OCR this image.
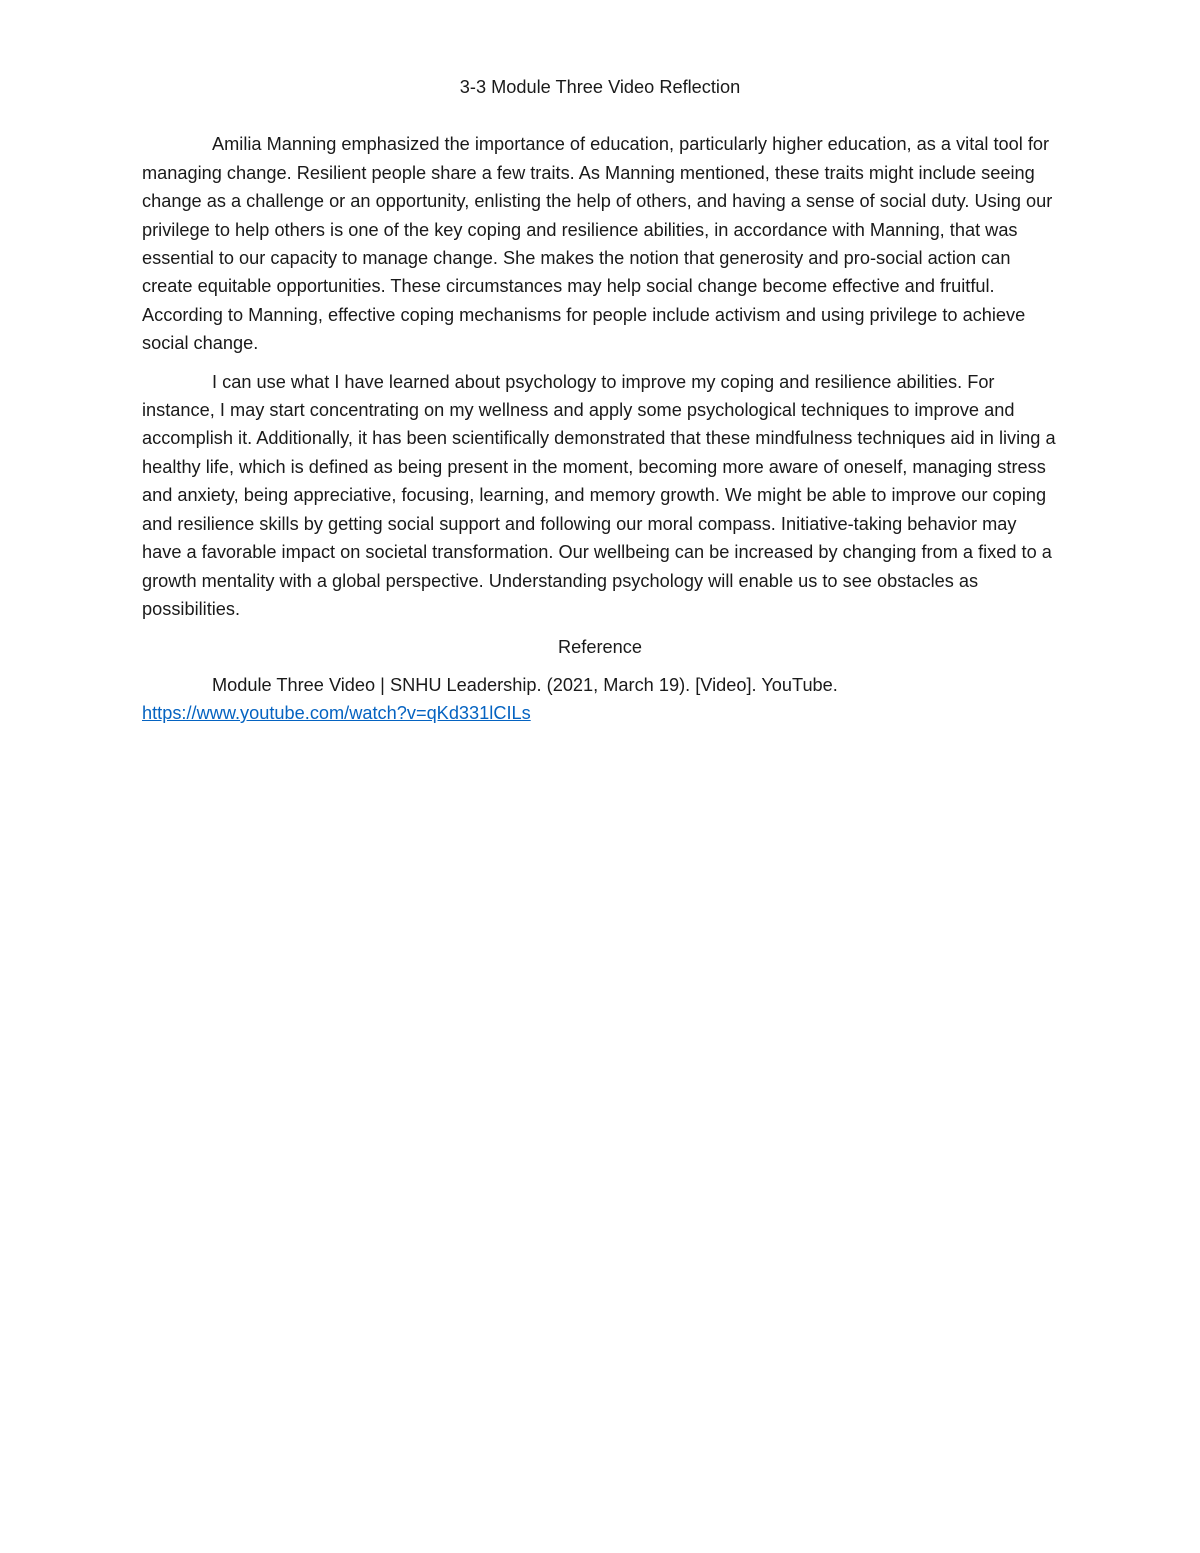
3-3 Module Three Video Reflection

Amilia Manning emphasized the importance of education, particularly higher education, as a vital tool for managing change. Resilient people share a few traits. As Manning mentioned, these traits might include seeing change as a challenge or an opportunity, enlisting the help of others, and having a sense of social duty. Using our privilege to help others is one of the key coping and resilience abilities, in accordance with Manning, that was essential to our capacity to manage change. She makes the notion that generosity and pro-social action can create equitable opportunities. These circumstances may help social change become effective and fruitful. According to Manning, effective coping mechanisms for people include activism and using privilege to achieve social change.

I can use what I have learned about psychology to improve my coping and resilience abilities. For instance, I may start concentrating on my wellness and apply some psychological techniques to improve and accomplish it. Additionally, it has been scientifically demonstrated that these mindfulness techniques aid in living a healthy life, which is defined as being present in the moment, becoming more aware of oneself, managing stress and anxiety, being appreciative, focusing, learning, and memory growth. We might be able to improve our coping and resilience skills by getting social support and following our moral compass. Initiative-taking behavior may have a favorable impact on societal transformation. Our wellbeing can be increased by changing from a fixed to a growth mentality with a global perspective. Understanding psychology will enable us to see obstacles as possibilities.

Reference

Module Three Video | SNHU Leadership. (2021, March 19). [Video]. YouTube. https://www.youtube.com/watch?v=qKd331lCILs
